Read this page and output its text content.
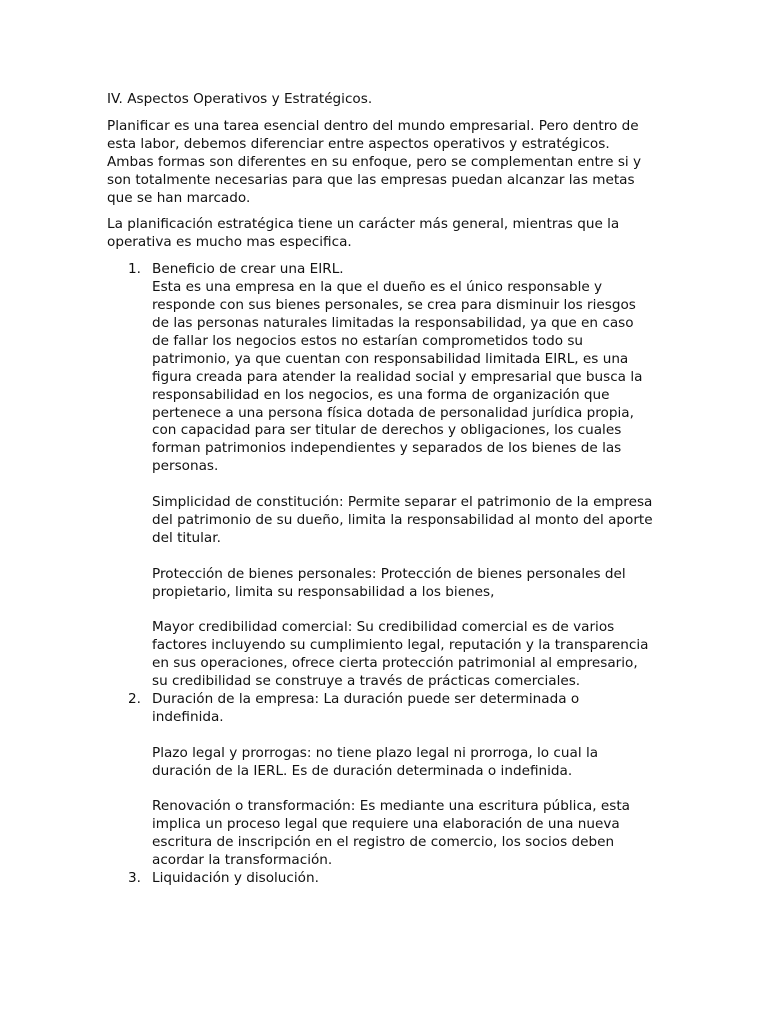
IV. Aspectos Operativos y Estratégicos.

Planificar es una tarea esencial dentro del mundo empresarial. Pero dentro de
esta labor, debemos diferenciar entre aspectos operativos y estratégicos.
Ambas formas son diferentes en su enfoque, pero se complementan entre si y
son totalmente necesarias para que las empresas puedan alcanzar las metas
que se han marcado.

La planificación estratégica tiene un carácter más general, mientras que la
operativa es mucho mas especifica.

1. Beneficio de crear una EIRL.
Esta es una empresa en la que el dueño es el único responsable y
responde con sus bienes personales, se crea para disminuir los riesgos
de las personas naturales limitadas la responsabilidad, ya que en caso
de fallar los negocios estos no estarían comprometidos todo su
patrimonio, ya que cuentan con responsabilidad limitada EIRL, es una
figura creada para atender la realidad social y empresarial que busca la
responsabilidad en los negocios, es una forma de organización que
pertenece a una persona física dotada de personalidad jurídica propia,
con capacidad para ser titular de derechos y obligaciones, los cuales
forman patrimonios independientes y separados de los bienes de las
personas.
Simplicidad de constitución: Permite separar el patrimonio de la empresa
del patrimonio de su dueño, limita la responsabilidad al monto del aporte
del titular.
Protección de bienes personales: Protección de bienes personales del
propietario, limita su responsabilidad a los bienes,
Mayor credibilidad comercial: Su credibilidad comercial es de varios
factores incluyendo su cumplimiento legal, reputación y la transparencia
en sus operaciones, ofrece cierta protección patrimonial al empresario,
su credibilidad se construye a través de prácticas comerciales.
2. Duración de la empresa: La duración puede ser determinada o
indefinida.
Plazo legal y prorrogas: no tiene plazo legal ni prorroga, lo cual la
duración de la IERL. Es de duración determinada o indefinida.
Renovación o transformación: Es mediante una escritura pública, esta
implica un proceso legal que requiere una elaboración de una nueva
escritura de inscripción en el registro de comercio, los socios deben
acordar la transformación.
3. Liquidación y disolución.
